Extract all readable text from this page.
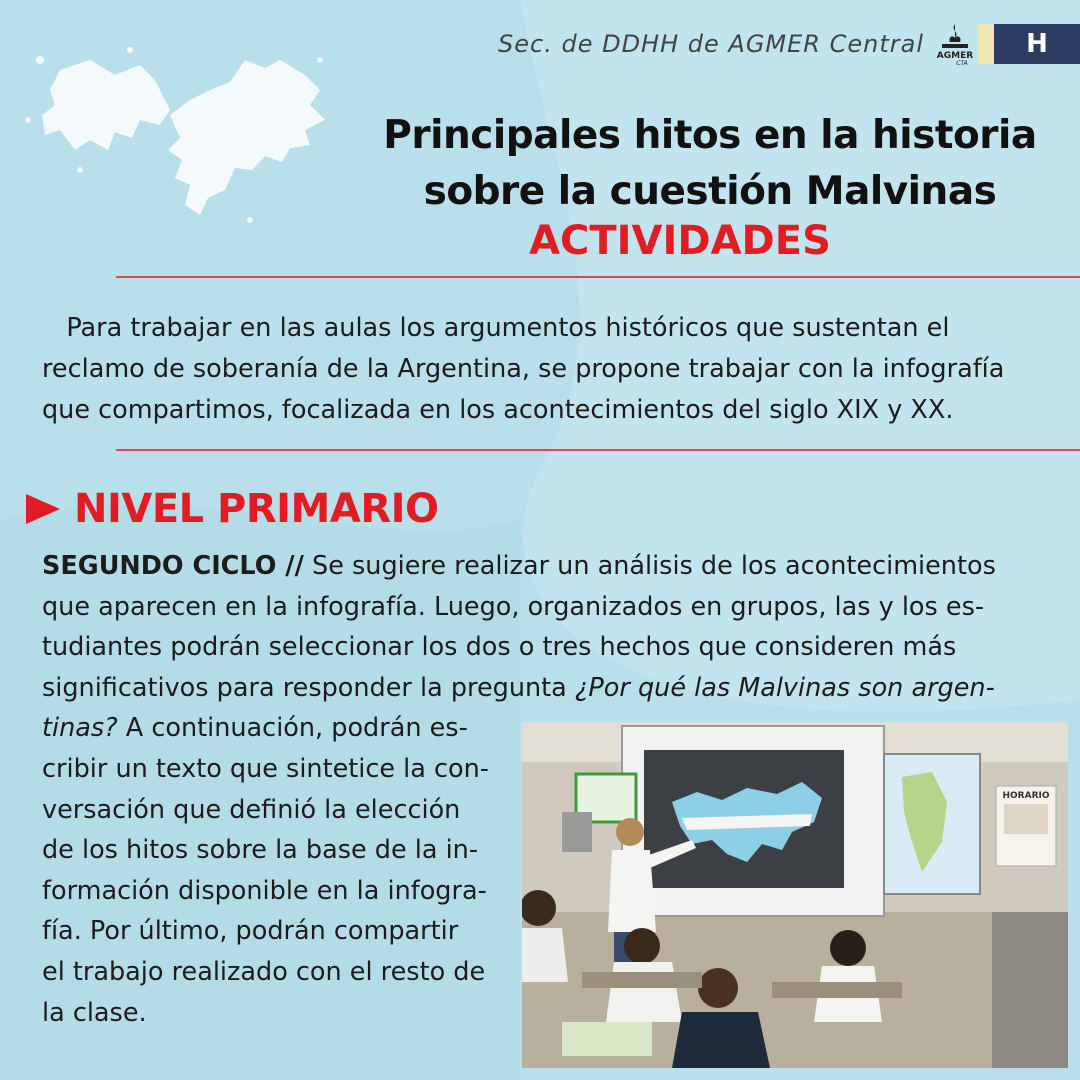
Sec. de DDHH de AGMER Central AGMER
CTA
H
Principales hitos en la historia
sobre la cuestión Malvinas
ACTIVIDADES
Para trabajar en las aulas los argumentos históricos que sustentan el
reclamo de soberanía de la Argentina, se propone trabajar con la infografía
que compartimos, focalizada en los acontecimientos del siglo XIX y XX.
NIVEL PRIMARIO
SEGUNDO CICLO // Se sugiere realizar un análisis de los acontecimientos
que aparecen en la infografía. Luego, organizados en grupos, las y los es-
tudiantes podrán seleccionar los dos o tres hechos que consideren más
significativos para responder la pregunta ¿Por qué las Malvinas son argen-
tinas? A continuación, podrán es-
cribir un texto que sintetice la con-
versación que definió la elección
de los hitos sobre la base de la in-
formación disponible en la infogra-
fía. Por último, podrán compartir
el trabajo realizado con el resto de
la clase.
HORARIO
